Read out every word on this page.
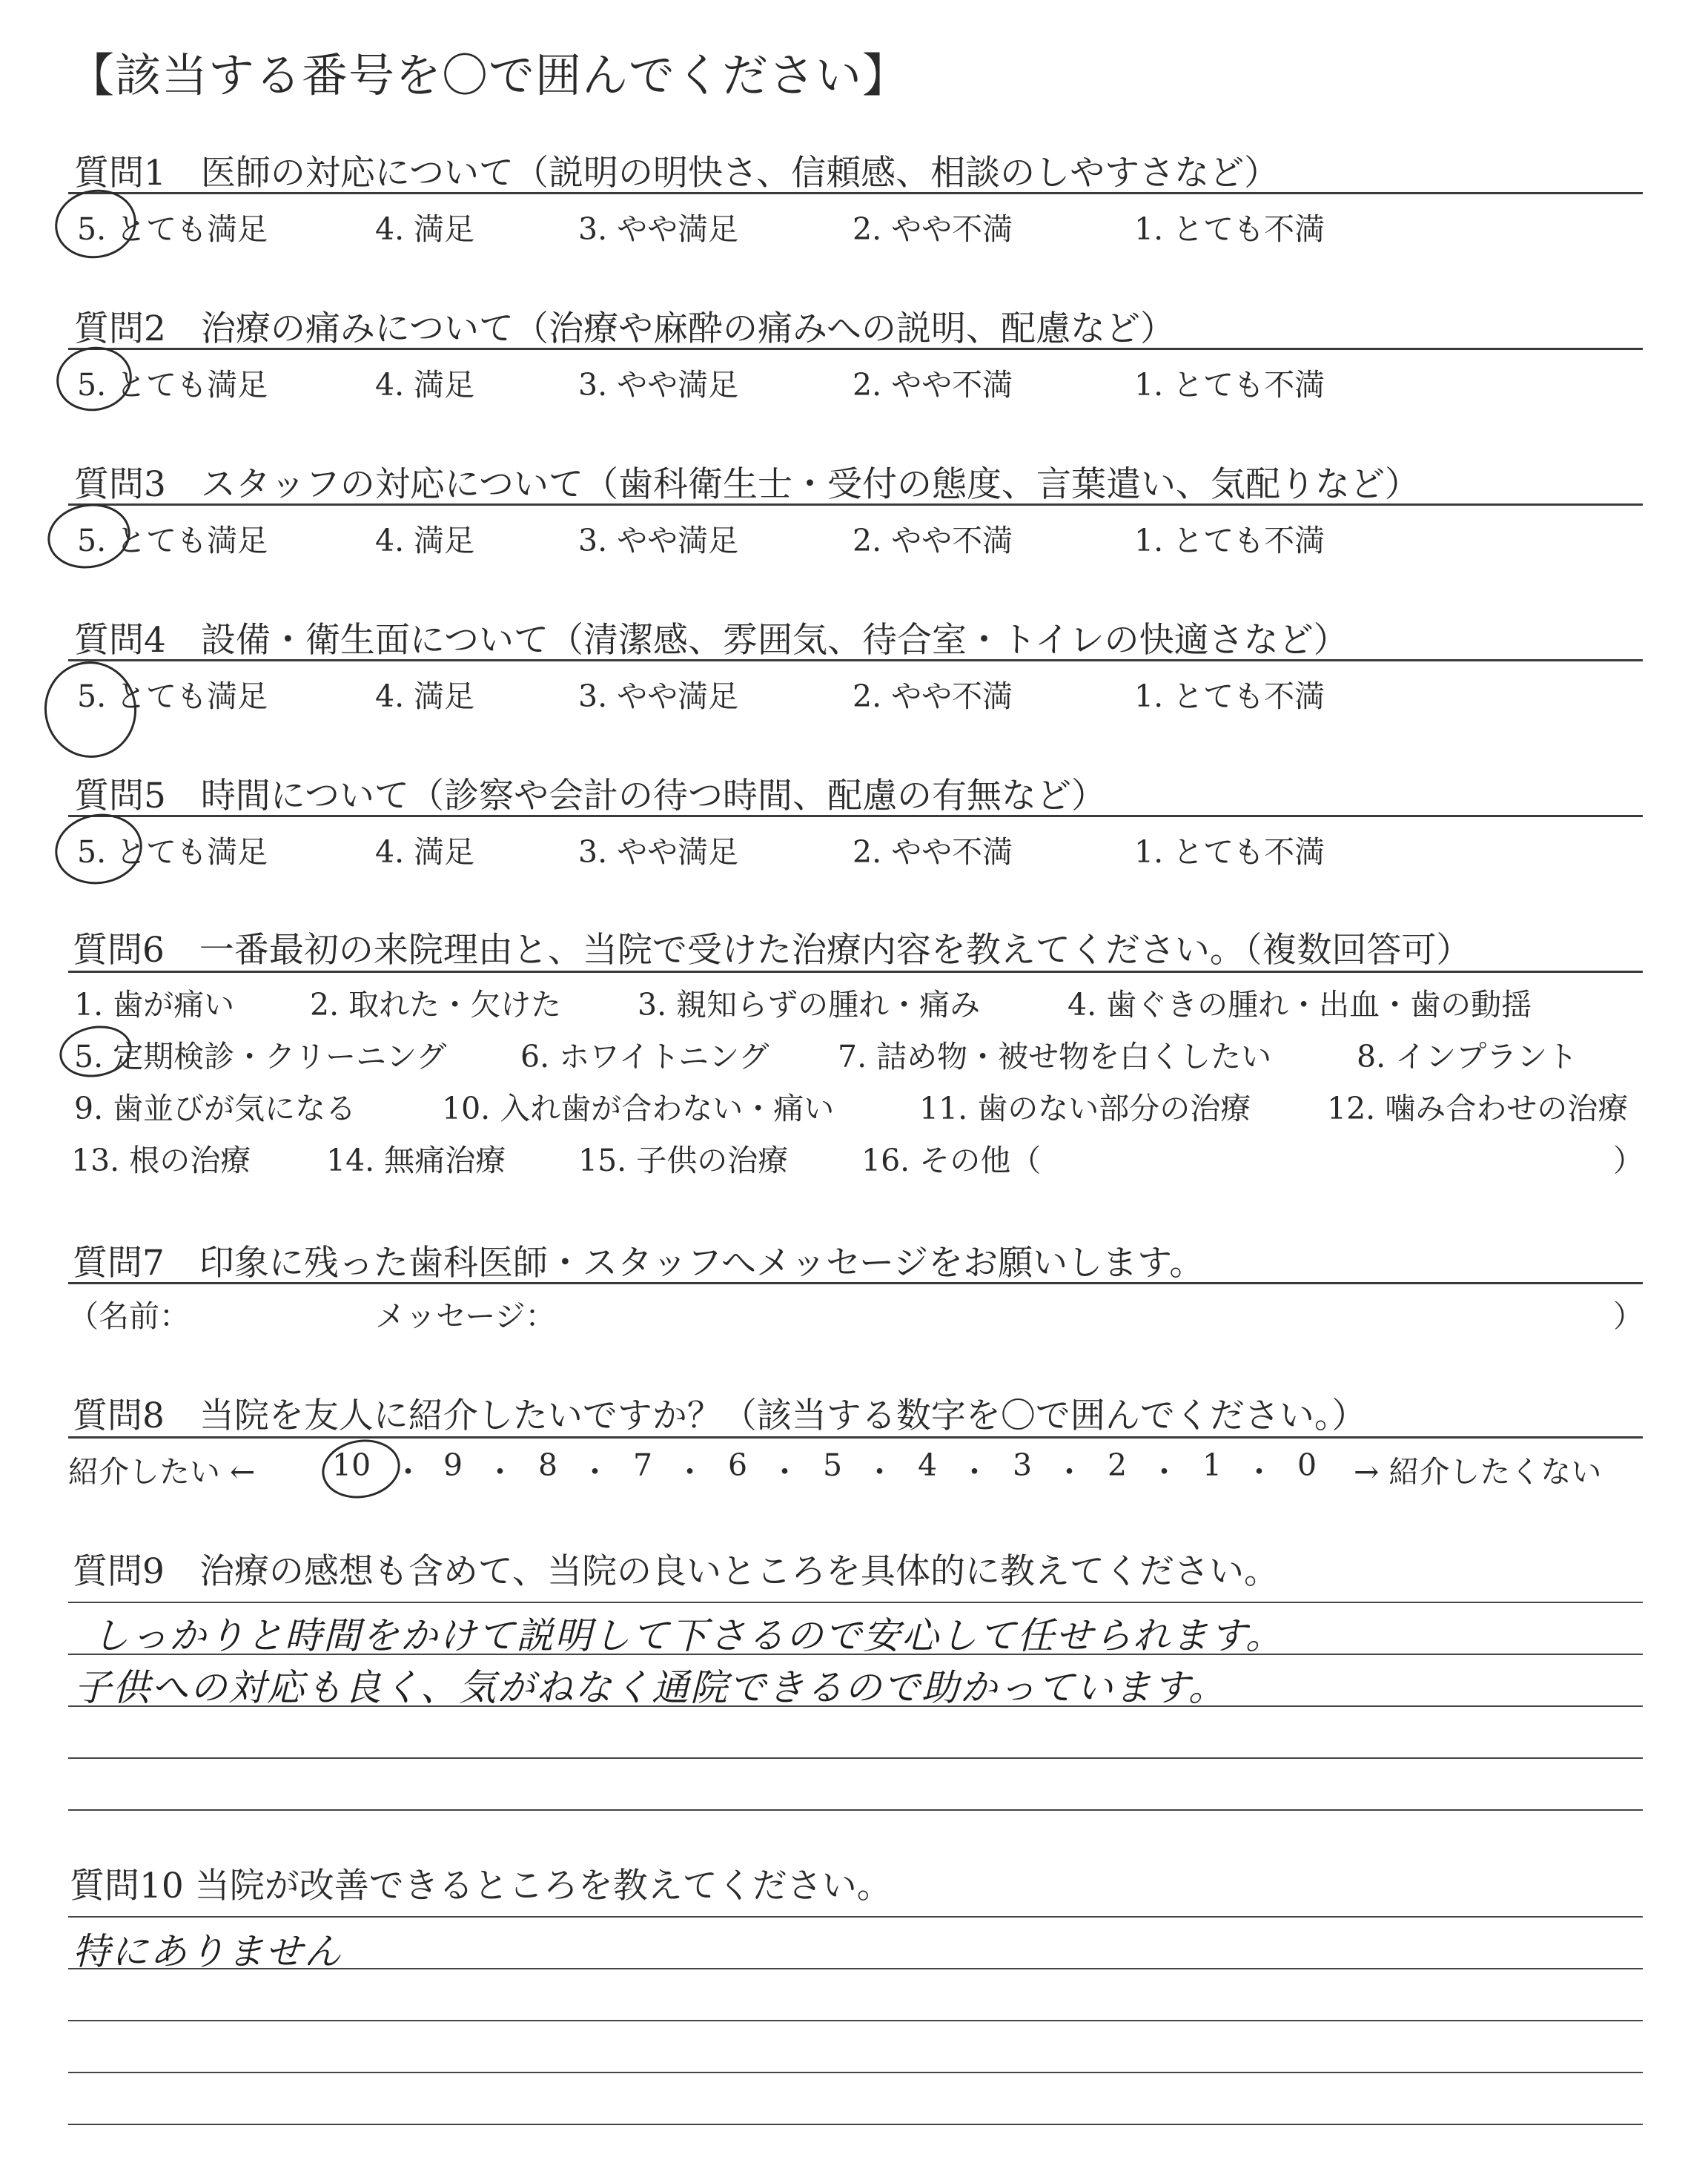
【該当する番号を〇で囲んでください】
質問1　医師の対応について（説明の明快さ、信頼感、相談のしやすさなど）
5. とても満足	4. 満足	3. やや満足	2. やや不満	1. とても不満
質問2　治療の痛みについて（治療や麻酔の痛みへの説明、配慮など）
5. とても満足	4. 満足	3. やや満足	2. やや不満	1. とても不満
質問3　スタッフの対応について（歯科衛生士・受付の態度、言葉遣い、気配りなど）
5. とても満足	4. 満足	3. やや満足	2. やや不満	1. とても不満
質問4　設備・衛生面について（清潔感、雰囲気、待合室・トイレの快適さなど）
5. とても満足	4. 満足	3. やや満足	2. やや不満	1. とても不満
質問5　時間について（診察や会計の待つ時間、配慮の有無など）
5. とても満足	4. 満足	3. やや満足	2. やや不満	1. とても不満
質問6　一番最初の来院理由と、当院で受けた治療内容を教えてください。（複数回答可）
1. 歯が痛い 2. 取れた・欠けた	3. 親知らずの腫れ・痛み	4. 歯ぐきの腫れ・出血・歯の動揺
5. 定期検診・クリーニング 6. ホワイトニング 7. 詰め物・被せ物を白くしたい	8. インプラント
9. 歯並びが気になる	10. 入れ歯が合わない・痛い	11. 歯のない部分の治療	12. 噛み合わせの治療
13. 根の治療 14. 無痛治療 15. 子供の治療 16. その他（	）
質問7　印象に残った歯科医師・スタッフへメッセージをお願いします。
（名前：	メッセージ：	）
質問8　当院を友人に紹介したいですか？（該当する数字を〇で囲んでください。）
紹介したい ←	10 ・ 9 ・ 8 ・ 7 ・ 6 ・ 5 ・ 4 ・ 3 ・ 2 ・ 1 ・ 0 → 紹介したくない
質問9　治療の感想も含めて、当院の良いところを具体的に教えてください。
しっかりと時間をかけて説明して下さるので安心して任せられます。
子供への対応も良く、気がねなく通院できるので助かっています。
質問10 当院が改善できるところを教えてください。
特にありません
